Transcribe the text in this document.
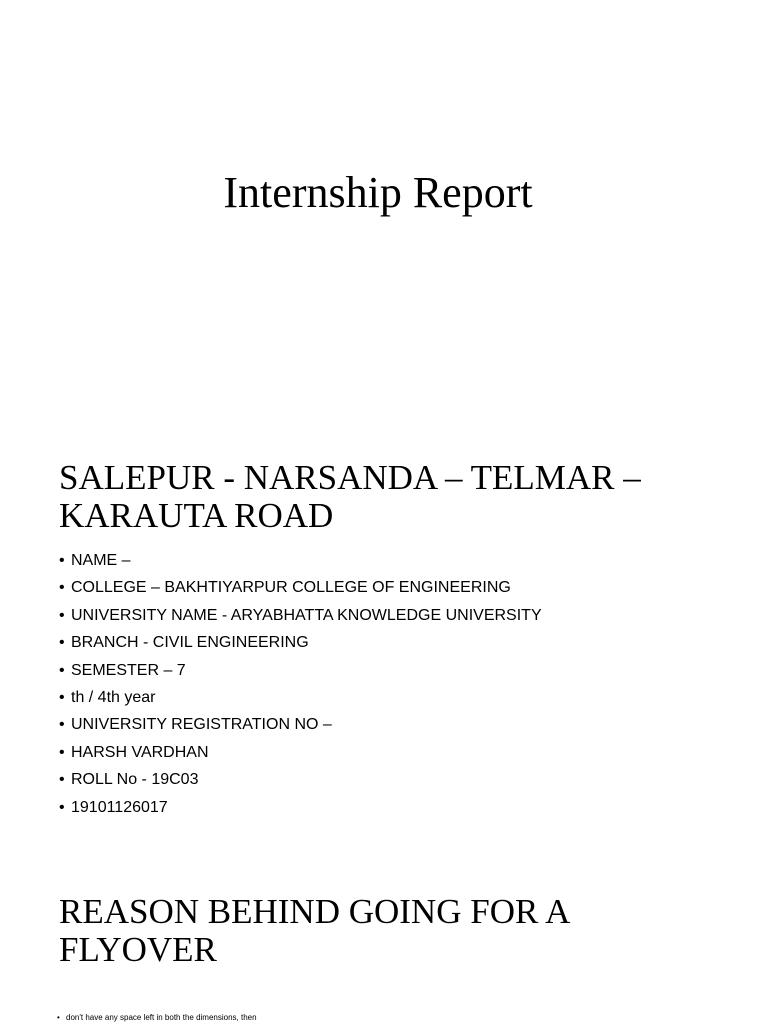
Internship Report
SALEPUR - NARSANDA – TELMAR – KARAUTA ROAD
• NAME –
• COLLEGE – BAKHTIYARPUR COLLEGE OF ENGINEERING
• UNIVERSITY NAME - ARYABHATTA KNOWLEDGE UNIVERSITY
• BRANCH - CIVIL ENGINEERING
• SEMESTER – 7
• th / 4th year
• UNIVERSITY REGISTRATION NO –
• HARSH VARDHAN
• ROLL No - 19C03
• 19101126017
REASON BEHIND GOING FOR A FLYOVER
• don't have any space left in both the dimensions, then
